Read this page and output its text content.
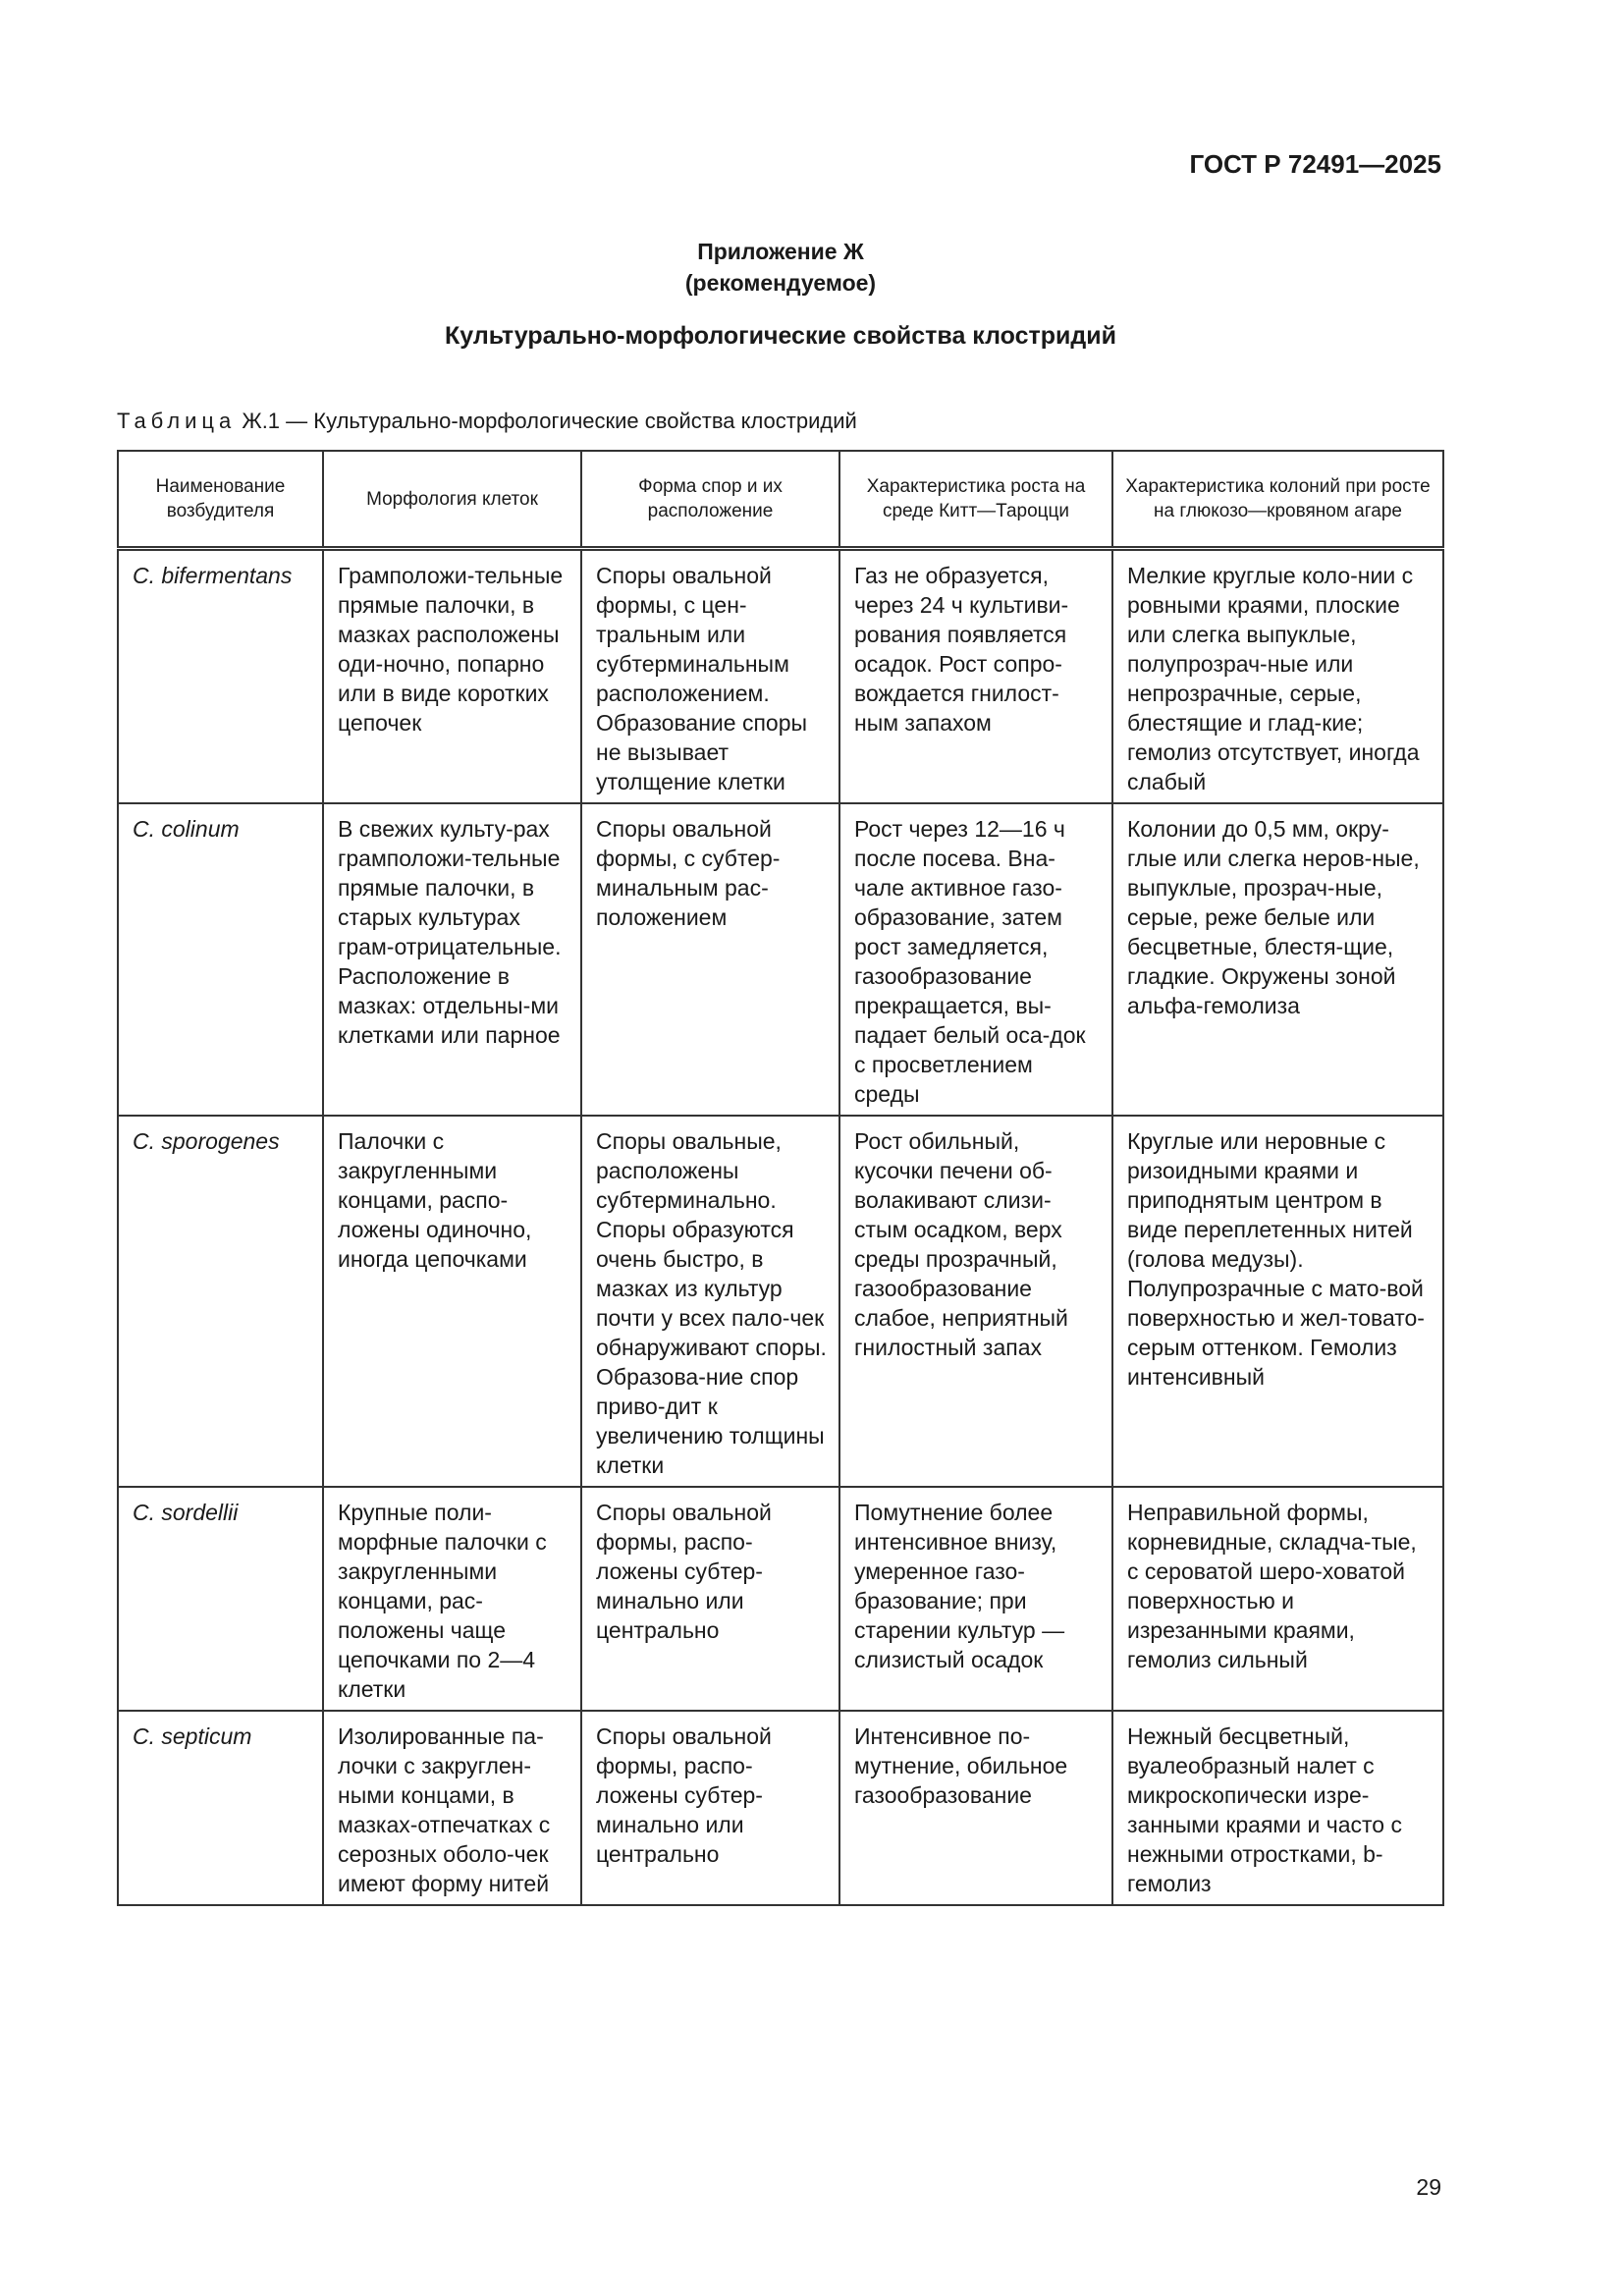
ГОСТ Р 72491—2025
Приложение Ж
(рекомендуемое)
Культурально-морфологические свойства клостридий
Таблица Ж.1 — Культурально-морфологические свойства клостридий
Наименование возбудителя	Морфология клеток	Форма спор и их расположение	Характеристика роста на среде Китт—Тароцци	Характеристика колоний при росте на глюкозо—кровяном агаре
C. bifermentans	Грамположи-тельные прямые палочки, в мазках расположены оди-ночно, попарно или в виде коротких цепочек	Споры овальной формы, с цен-тральным или субтерминальным расположением. Образование споры не вызывает утолщение клетки	Газ не образуется, через 24 ч культиви-рования появляется осадок. Рост сопро-вождается гнилост-ным запахом	Мелкие круглые коло-нии с ровными краями, плоские или слегка выпуклые, полупрозрач-ные или непрозрачные, серые, блестящие и глад-кие; гемолиз отсутствует, иногда слабый
C. colinum	В свежих культу-рах грамположи-тельные прямые палочки, в старых культурах грам-отрицательные. Расположение в мазках: отдельны-ми клетками или парное	Споры овальной формы, с субтер-минальным рас-положением	Рост через 12—16 ч после посева. Вна-чале активное газо-образование, затем рост замедляется, газообразование прекращается, вы-падает белый оса-док с просветлением среды	Колонии до 0,5 мм, окру-глые или слегка неров-ные, выпуклые, прозрач-ные, серые, реже белые или бесцветные, блестя-щие, гладкие. Окружены зоной альфа-гемолиза
C. sporogenes	Палочки с закругленными концами, распо-ложены одиночно, иногда цепочками	Споры овальные, расположены субтерминально. Споры образуются очень быстро, в мазках из культур почти у всех пало-чек обнаруживают споры. Образова-ние спор приво-дит к увеличению толщины клетки	Рост обильный, кусочки печени об-волакивают слизи-стым осадком, верх среды прозрачный, газообразование слабое, неприятный гнилостный запах	Круглые или неровные с ризоидными краями и приподнятым центром в виде переплетенных нитей (голова медузы). Полупрозрачные с мато-вой поверхностью и жел-товато-серым оттенком. Гемолиз интенсивный
C. sordellii	Крупные поли-морфные палочки с закругленными концами, рас-положены чаще цепочками по 2—4 клетки	Споры овальной формы, распо-ложены субтер-минально или центрально	Помутнение более интенсивное внизу, умеренное газо-бразование; при старении культур — слизистый осадок	Неправильной формы, корневидные, складча-тые, с сероватой шеро-ховатой поверхностью и изрезанными краями, гемолиз сильный
C. septicum	Изолированные па-лочки с закруглен-ными концами, в мазках-отпечатках с серозных оболо-чек имеют форму нитей	Споры овальной формы, распо-ложены субтер-минально или центрально	Интенсивное по-мутнение, обильное газообразование	Нежный бесцветный, вуалеобразный налет с микроскопически изре-занными краями и часто с нежными отростками, b-гемолиз
29
